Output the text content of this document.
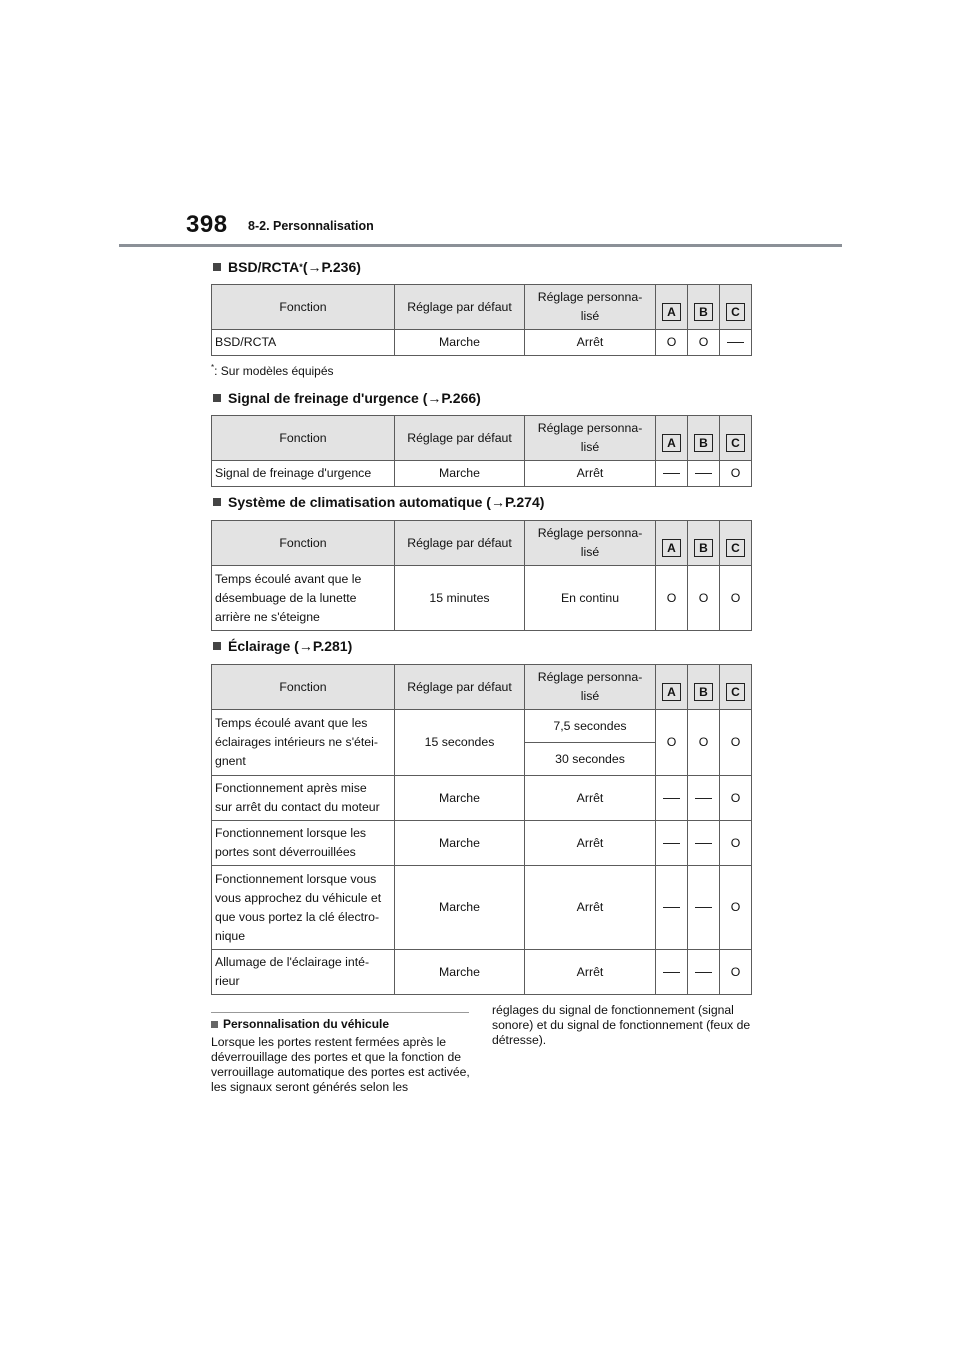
398 8-2. Personnalisation
BSD/RCTA * (→P.236)
Fonction	Réglage par défaut	Réglage personna-
lisé	A	B	C
BSD/RCTA	Marche	Arrêt	O	O	
*: Sur modèles équipés
Signal de freinage d'urgence (→P.266)
Fonction	Réglage par défaut	Réglage personna-
lisé	A	B	C
Signal de freinage d'urgence	Marche	Arrêt			O
Système de climatisation automatique (→P.274)
Fonction	Réglage par défaut	Réglage personna-
lisé	A	B	C

Temps écoulé avant que le
désembuage de la lunette
arrière ne s'éteigne	15 minutes	En continu	O	O	O
Éclairage (→P.281)
Fonction	Réglage par défaut	Réglage personna-
lisé	A	B	C

Temps écoulé avant que les
éclairages intérieurs ne s'étei-
gnent	15 secondes	7,5 secondes	O	O	O
		30 secondes			

Fonctionnement après mise
sur arrêt du contact du moteur	Marche	Arrêt			O

Fonctionnement lorsque les
portes sont déverrouillées	Marche	Arrêt			O

Fonctionnement lorsque vous
vous approchez du véhicule et
que vous portez la clé électro-
nique	Marche	Arrêt			O

Allumage de l'éclairage inté-
rieur	Marche	Arrêt			O
Personnalisation du véhicule
Lorsque les portes restent fermées après le déverrouillage des portes et que la fonction de verrouillage automatique des portes est activée, les signaux seront générés selon les
réglages du signal de fonctionnement (signal sonore) et du signal de fonctionnement (feux de détresse).
